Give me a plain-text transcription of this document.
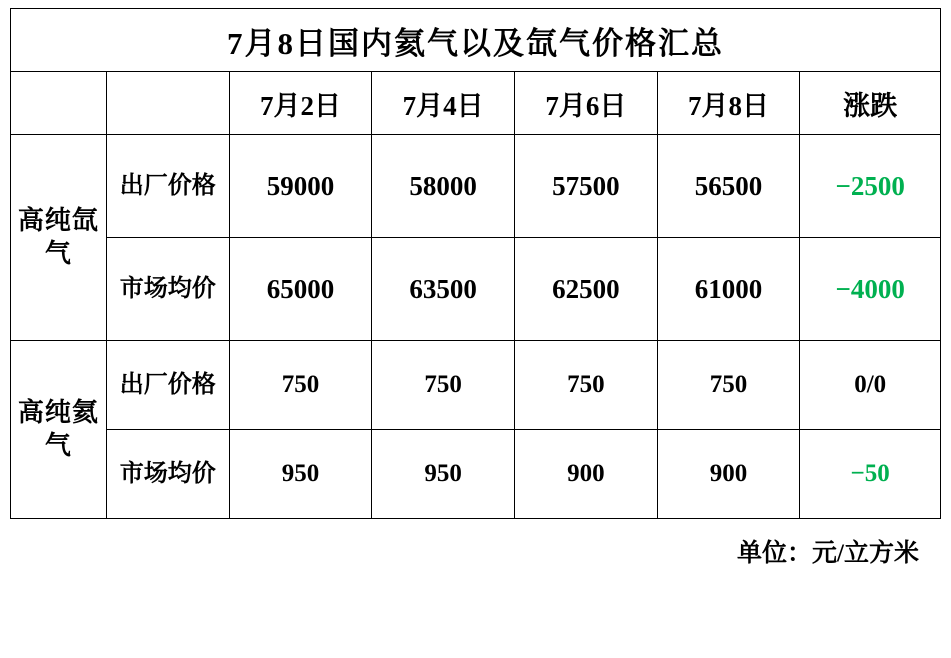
7月8日国内氦气以及氙气价格汇总						
		7月2日	7月4日	7月6日	7月8日	涨跌
高纯氙气	出厂价格	59000	58000	57500	56500	−2500
	市场均价	65000	63500	62500	61000	−4000
高纯氦气	出厂价格	750	750	750	750	0/0
	市场均价	950	950	900	900	−50
单位：元/立方米
